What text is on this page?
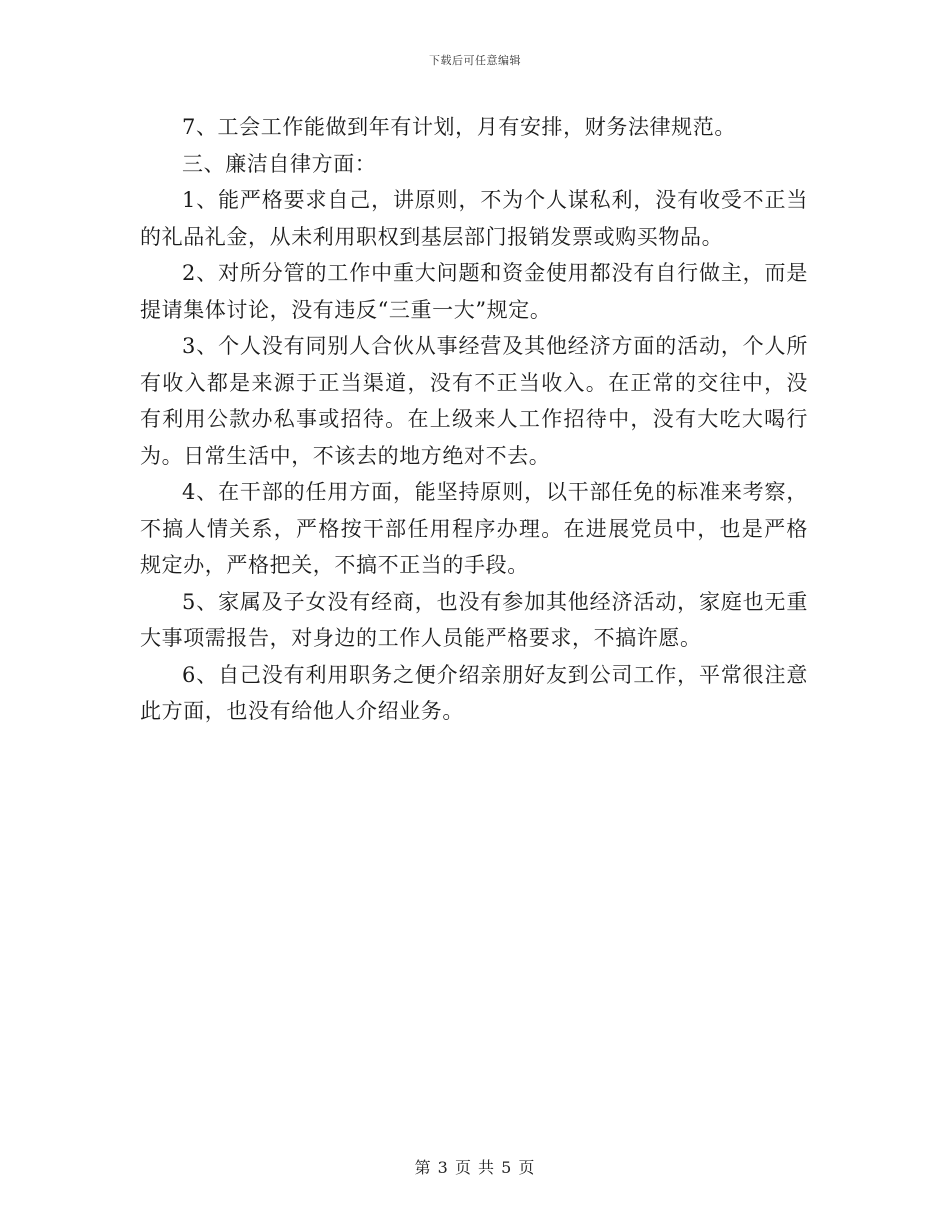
下载后可任意编辑

7、工会工作能做到年有计划，月有安排，财务法律规范。

三、廉洁自律方面：

1、能严格要求自己，讲原则，不为个人谋私利，没有收受不正当的礼品礼金，从未利用职权到基层部门报销发票或购买物品。

2、对所分管的工作中重大问题和资金使用都没有自行做主，而是提请集体讨论，没有违反“三重一大”规定。

3、个人没有同别人合伙从事经营及其他经济方面的活动，个人所有收入都是来源于正当渠道，没有不正当收入。在正常的交往中，没有利用公款办私事或招待。在上级来人工作招待中，没有大吃大喝行为。日常生活中，不该去的地方绝对不去。

4、在干部的任用方面，能坚持原则，以干部任免的标准来考察，不搞人情关系，严格按干部任用程序办理。在进展党员中，也是严格规定办，严格把关，不搞不正当的手段。

5、家属及子女没有经商，也没有参加其他经济活动，家庭也无重大事项需报告，对身边的工作人员能严格要求，不搞许愿。

6、自己没有利用职务之便介绍亲朋好友到公司工作，平常很注意此方面，也没有给他人介绍业务。

第 3 页 共 5 页
